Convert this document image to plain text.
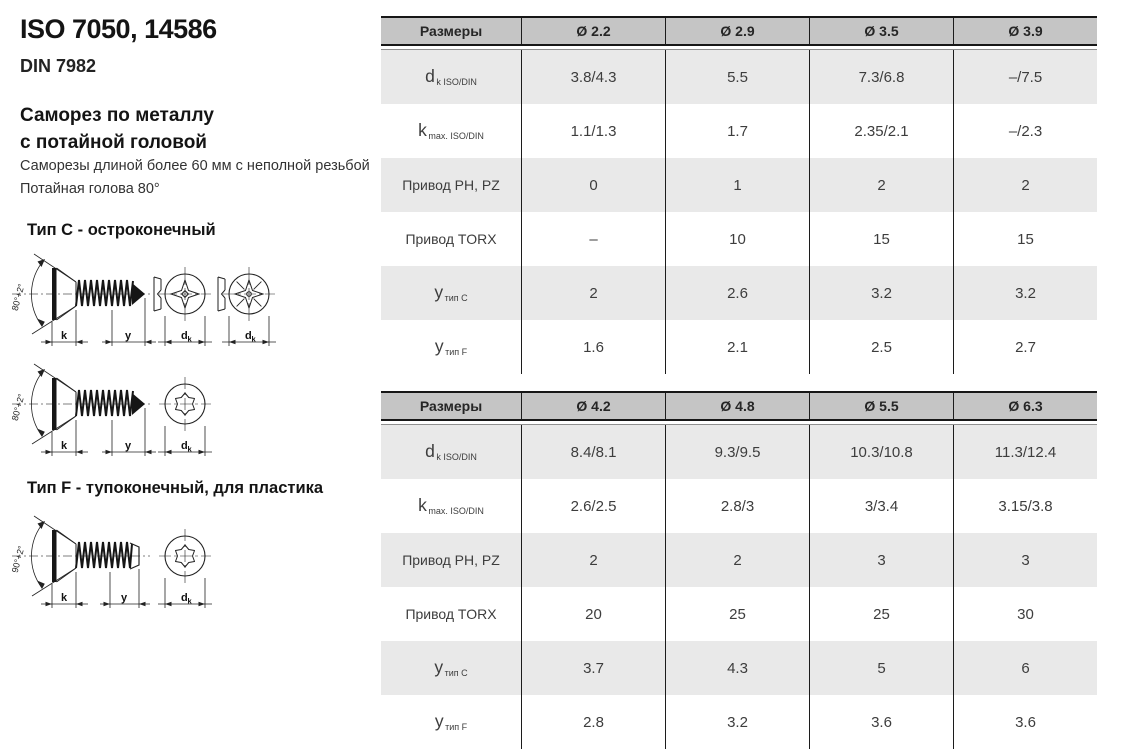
ISO 7050, 14586
DIN 7982
Саморез по металлу
с потайной головой
Саморезы длиной более 60 мм с неполной резьбой
Потайная голова 80°
Тип C - остроконечный
Тип F - тупоконечный, для пластика
80°+2°
k	y	d k	d k
80°+2°
k	y	d k
90°+2°
k	y	d k
Размеры	Ø 2.2	Ø 2.9	Ø 3.5	Ø 3.9
d k ISO/DIN	3.8/4.3	5.5	7.3/6.8	–/7.5
k max. ISO/DIN	1.1/1.3	1.7	2.35/2.1	–/2.3
Привод PH, PZ	0	1	2	2
Привод TORX	–	10	15	15
y тип C	2	2.6	3.2	3.2
y тип F	1.6	2.1	2.5	2.7
Размеры	Ø 4.2	Ø 4.8	Ø 5.5	Ø 6.3
d k ISO/DIN	8.4/8.1	9.3/9.5	10.3/10.8	11.3/12.4
k max. ISO/DIN	2.6/2.5	2.8/3	3/3.4	3.15/3.8
Привод PH, PZ	2	2	3	3
Привод TORX	20	25	25	30
y тип C	3.7	4.3	5	6
y тип F	2.8	3.2	3.6	3.6
